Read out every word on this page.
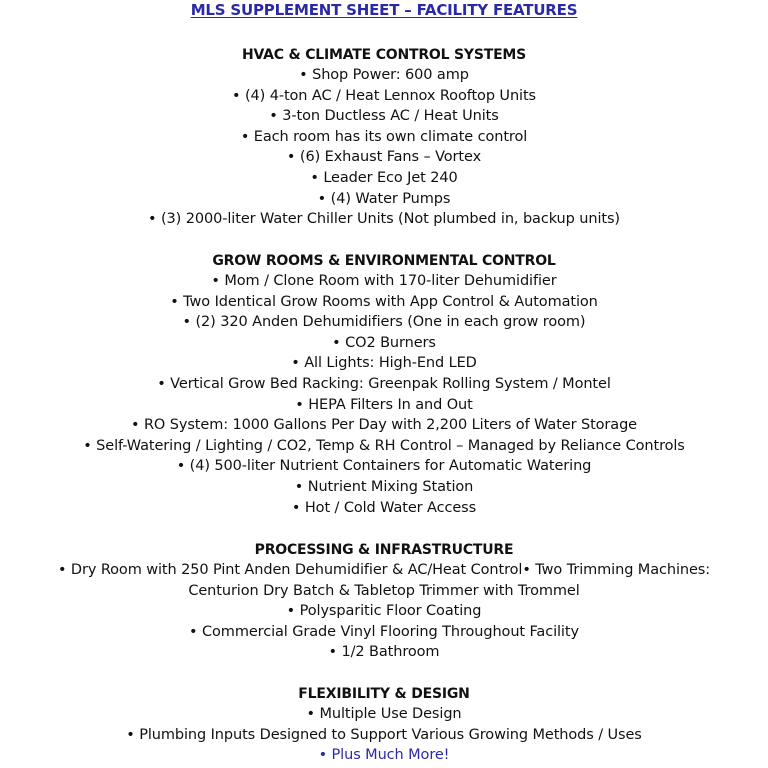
MLS SUPPLEMENT SHEET – FACILITY FEATURES
HVAC & CLIMATE CONTROL SYSTEMS
• Shop Power: 600 amp
• (4) 4-ton AC / Heat Lennox Rooftop Units
• 3-ton Ductless AC / Heat Units
• Each room has its own climate control
• (6) Exhaust Fans – Vortex
• Leader Eco Jet 240
• (4) Water Pumps
• (3) 2000-liter Water Chiller Units (Not plumbed in, backup units)
GROW ROOMS & ENVIRONMENTAL CONTROL
• Mom / Clone Room with 170-liter Dehumidifier
• Two Identical Grow Rooms with App Control & Automation
• (2) 320 Anden Dehumidifiers (One in each grow room)
• CO2 Burners
• All Lights: High-End LED
• Vertical Grow Bed Racking: Greenpak Rolling System / Montel
• HEPA Filters In and Out
• RO System: 1000 Gallons Per Day with 2,200 Liters of Water Storage
• Self-Watering / Lighting / CO2, Temp & RH Control – Managed by Reliance Controls
• (4) 500-liter Nutrient Containers for Automatic Watering
• Nutrient Mixing Station
• Hot / Cold Water Access
PROCESSING & INFRASTRUCTURE
• Dry Room with 250 Pint Anden Dehumidifier & AC/Heat Control• Two Trimming Machines:
Centurion Dry Batch & Tabletop Trimmer with Trommel
• Polysparitic Floor Coating
• Commercial Grade Vinyl Flooring Throughout Facility
• 1/2 Bathroom
FLEXIBILITY & DESIGN
• Multiple Use Design
• Plumbing Inputs Designed to Support Various Growing Methods / Uses
• Plus Much More!
